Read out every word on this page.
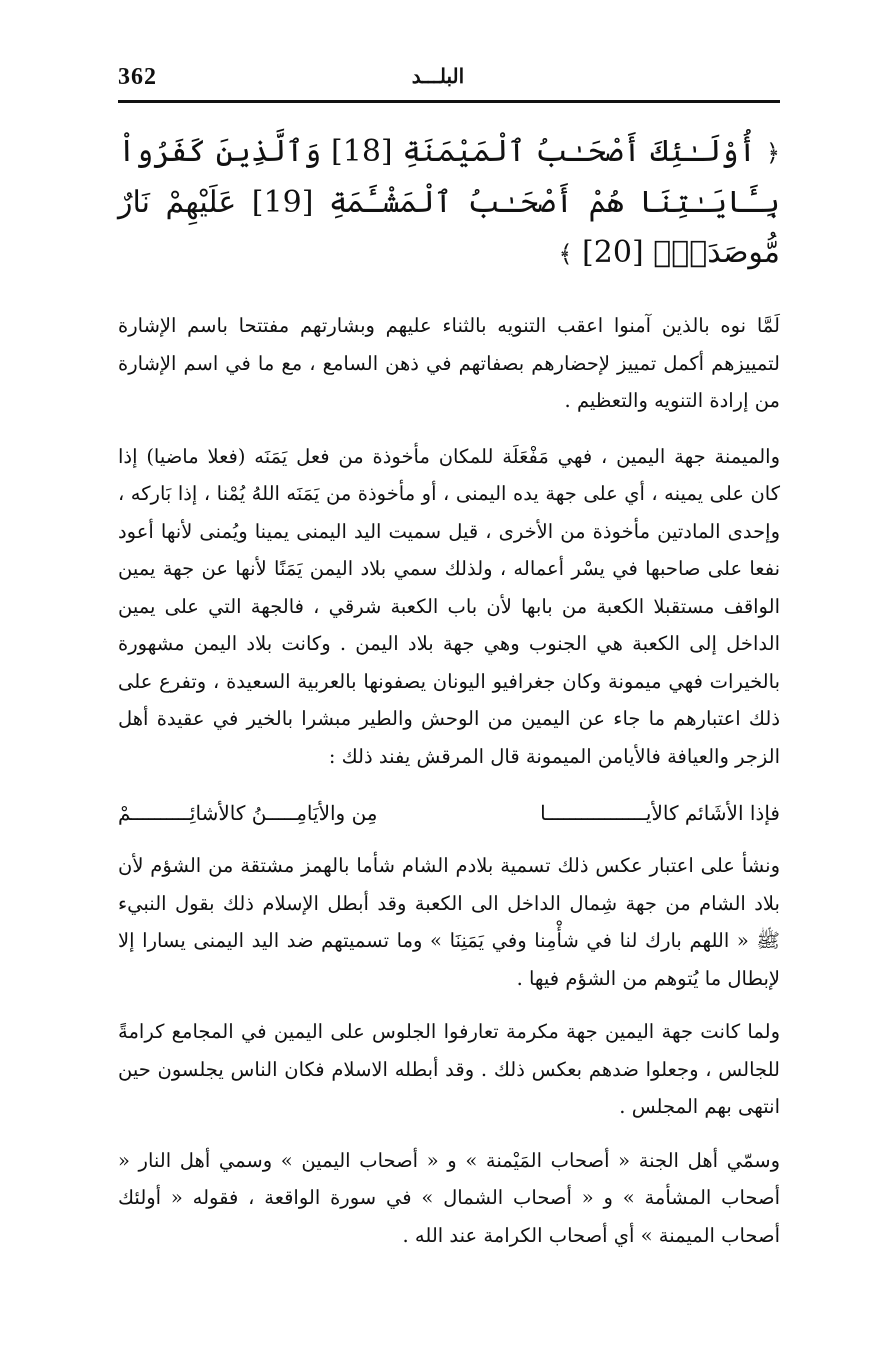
البلـــد
362
﴿ أُوْلَـٰئِكَ أَصْحَـٰبُ ٱلْمَيْمَنَةِ [18] وَٱلَّذِينَ كَفَرُواْ بِـَٔايَـٰتِنَا هُمْ أَصْحَـٰبُ ٱلْمَشْـَٔمَةِ [19] عَلَيْهِمْ نَارٌ مُّوصَدَةٌۢ [20] ﴾

لَمَّا نوه بالذين آمنوا اعقب التنويه بالثناء عليهم وبشارتهم مفتتحا باسم الإشارة لتمييزهم أكمل تمييز لإحضارهم بصفاتهم في ذهن السامع ، مع ما في اسم الإشارة من إرادة التنويه والتعظيم .

والميمنة جهة اليمين ، فهي مَفْعَلَة للمكان مأخوذة من فعل يَمَنَه (فعلا ماضيا) إذا كان على يمينه ، أي على جهة يده اليمنى ، أو مأخوذة من يَمَنَه اللهُ يُمْنا ، إذا بَاركه ، وإحدى المادتين مأخوذة من الأخرى ، قيل سميت اليد اليمنى يمينا ويُمنى لأنها أعود نفعا على صاحبها في يسْر أعماله ، ولذلك سمي بلاد اليمن يَمَنًا لأنها عن جهة يمين الواقف مستقبلا الكعبة من بابها لأن باب الكعبة شرقي ، فالجهة التي على يمين الداخل إلى الكعبة هي الجنوب وهي جهة بلاد اليمن . وكانت بلاد اليمن مشهورة بالخيرات فهي ميمونة وكان جغرافيو اليونان يصفونها بالعربية السعيدة ، وتفرع على ذلك اعتبارهم ما جاء عن اليمين من الوحش والطير مبشرا بالخير في عقيدة أهل الزجر والعيافة فالأيامن الميمونة قال المرقش يفند ذلك :

فإذا الأشَائم كالأيـــــــــــــــــا
مِن والأيَامِـــــنُ كالأشائِــــــــــمْ

ونشأ على اعتبار عكس ذلك تسمية بلادم الشام شأما بالهمز مشتقة من الشؤم لأن بلاد الشام من جهة شِمال الداخل الى الكعبة وقد أبطل الإسلام ذلك بقول النبيء ﷺ « اللهم بارك لنا في شأْمِنا وفي يَمَنِنَا » وما تسميتهم ضد اليد اليمنى يسارا إلا لإبطال ما يُتوهم من الشؤم فيها .

ولما كانت جهة اليمين جهة مكرمة تعارفوا الجلوس على اليمين في المجامع كرامةً للجالس ، وجعلوا ضدهم بعكس ذلك . وقد أبطله الاسلام فكان الناس يجلسون حين انتهى بهم المجلس .

وسمّي أهل الجنة « أصحاب المَيْمنة » و « أصحاب اليمين » وسمي أهل النار « أصحاب المشأمة » و « أصحاب الشمال » في سورة الواقعة ، فقوله « أولئك أصحاب الميمنة » أي أصحاب الكرامة عند الله .
